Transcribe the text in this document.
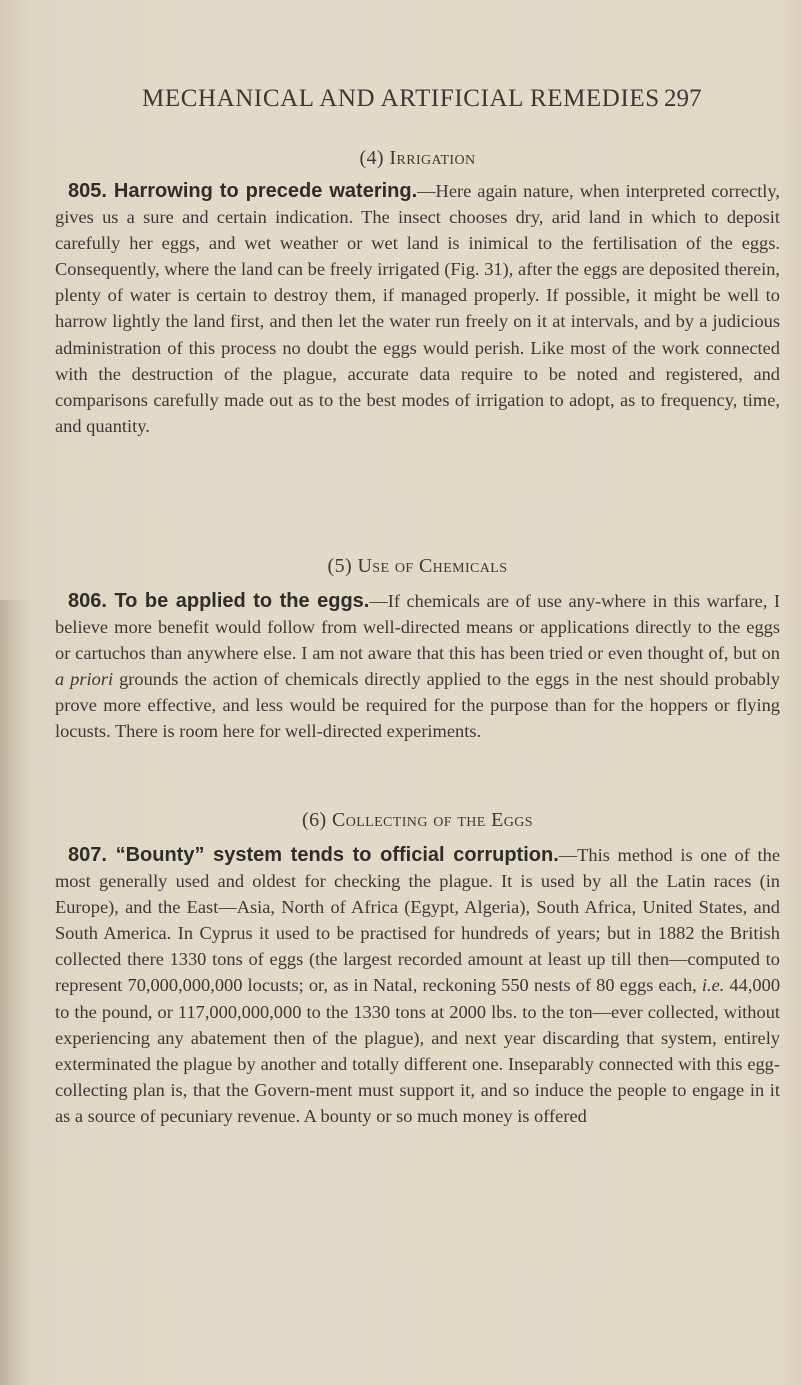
MECHANICAL AND ARTIFICIAL REMEDIES 297
(4) Irrigation

805. Harrowing to precede watering.—Here again nature, when interpreted correctly, gives us a sure and certain indication. The insect chooses dry, arid land in which to deposit carefully her eggs, and wet weather or wet land is inimical to the fertilisation of the eggs. Consequently, where the land can be freely irrigated (Fig. 31), after the eggs are deposited therein, plenty of water is certain to destroy them, if managed properly. If possible, it might be well to harrow lightly the land first, and then let the water run freely on it at intervals, and by a judicious administration of this process no doubt the eggs would perish. Like most of the work connected with the destruction of the plague, accurate data require to be noted and registered, and comparisons carefully made out as to the best modes of irrigation to adopt, as to frequency, time, and quantity.

(5) Use of Chemicals

806. To be applied to the eggs.—If chemicals are of use any-where in this warfare, I believe more benefit would follow from well-directed means or applications directly to the eggs or cartuchos than anywhere else. I am not aware that this has been tried or even thought of, but on a priori grounds the action of chemicals directly applied to the eggs in the nest should probably prove more effective, and less would be required for the purpose than for the hoppers or flying locusts. There is room here for well-directed experiments.

(6) Collecting of the Eggs

807. “Bounty” system tends to official corruption.—This method is one of the most generally used and oldest for checking the plague. It is used by all the Latin races (in Europe), and the East—Asia, North of Africa (Egypt, Algeria), South Africa, United States, and South America. In Cyprus it used to be practised for hundreds of years; but in 1882 the British collected there 1330 tons of eggs (the largest recorded amount at least up till then—computed to represent 70,000,000,000 locusts; or, as in Natal, reckoning 550 nests of 80 eggs each, i.e. 44,000 to the pound, or 117,000,000,000 to the 1330 tons at 2000 lbs. to the ton—ever collected, without experiencing any abatement then of the plague), and next year discarding that system, entirely exterminated the plague by another and totally different one. Inseparably connected with this egg-collecting plan is, that the Govern-ment must support it, and so induce the people to engage in it as a source of pecuniary revenue. A bounty or so much money is offered
